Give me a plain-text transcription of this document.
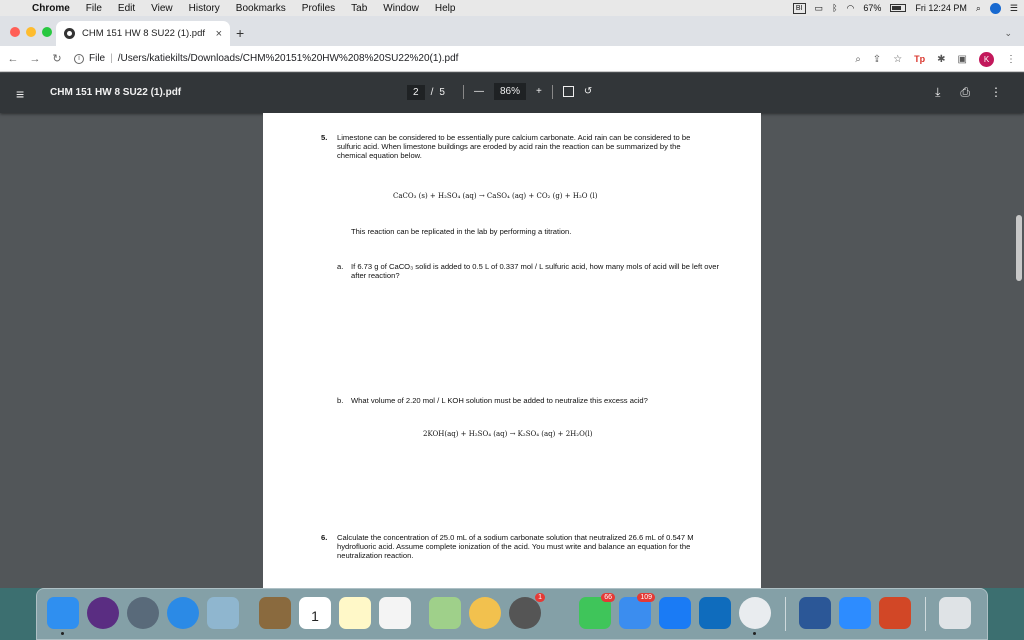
Chrome	File	Edit	View	History	Bookmarks	Profiles	Tab	Window	Help	BI	▭ ᛒ ◠ 67%	Fri 12:24 PM ⌕	☰
CHM 151 HW 8 SU22 (1).pdf × +	⌄
←	→	↻	i File | /Users/katiekilts/Downloads/CHM%20151%20HW%208%20SU22%20(1).pdf	⌕ ⇪ ☆ Tp ✱ ▣	K	⋮
≡	CHM 151 HW 8 SU22 (1).pdf	2	/ 5	—	86%	+	↺	⤓ ⎙ ⋮
5. Limestone can be considered to be essentially pure calcium carbonate. Acid rain can be considered to be sulfuric acid. When limestone buildings are eroded by acid rain the reaction can be summarized by the chemical equation below.
CaCO₃ (s) + H₂SO₄ (aq) → CaSO₄ (aq) + CO₂ (g) + H₂O (l)
This reaction can be replicated in the lab by performing a titration.
a. If 6.73 g of CaCO₃ solid is added to 0.5 L of 0.337 mol / L sulfuric acid, how many mols of acid will be left over after reaction?
b. What volume of 2.20 mol / L KOH solution must be added to neutralize this excess acid?
2KOH(aq) + H₂SO₄ (aq) → K₂SO₄ (aq) + 2H₂O(l)
6. Calculate the concentration of 25.0 mL of a sodium carbonate solution that neutralized 26.6 mL of 0.547 M hydrofluoric acid. Assume complete ionization of the acid. You must write and balance an equation for the neutralization reaction.
1
1	66	109
